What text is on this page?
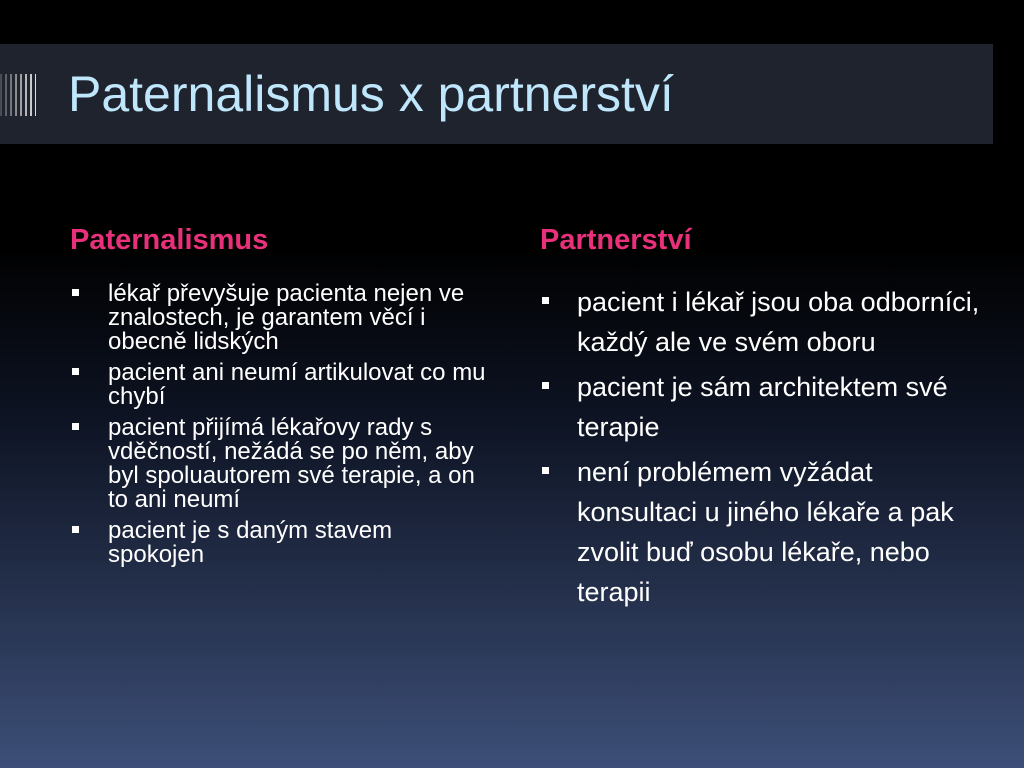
Paternalismus x partnerství
Paternalismus
lékař převyšuje pacienta nejen ve znalostech, je garantem věcí i obecně lidských
pacient ani neumí artikulovat co mu chybí
pacient přijímá lékařovy rady s vděčností, nežádá se po něm, aby byl spoluautorem své terapie, a on to ani neumí
pacient je s daným stavem spokojen
Partnerství
pacient i lékař jsou oba odborníci, každý ale ve svém oboru
pacient je sám architektem své terapie
není problémem vyžádat konsultaci u jiného lékaře a pak zvolit buď osobu lékaře, nebo terapii
